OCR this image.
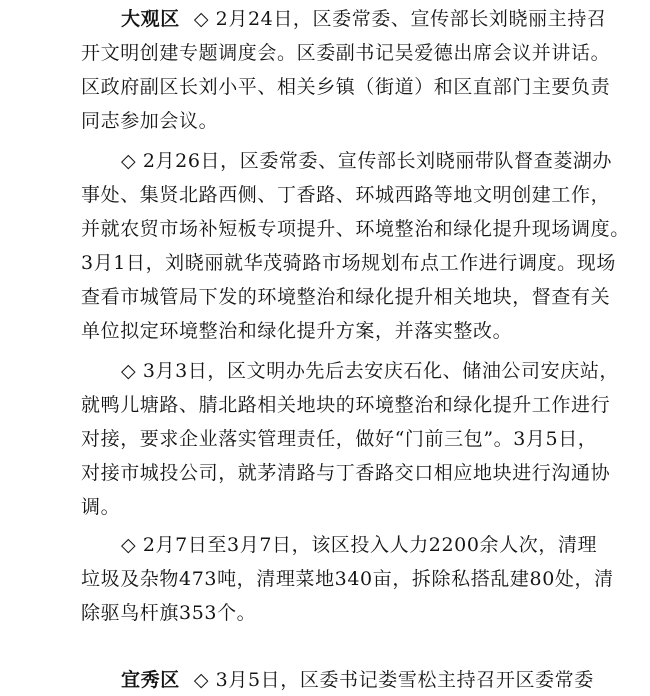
大观区 ◇ 2月24日，区委常委、宣传部长刘晓丽主持召

开文明创建专题调度会。区委副书记吴爱德出席会议并讲话。

区政府副区长刘小平、相关乡镇（街道）和区直部门主要负责

同志参加会议。

◇ 2月26日，区委常委、宣传部长刘晓丽带队督查菱湖办

事处、集贤北路西侧、丁香路、环城西路等地文明创建工作，

并就农贸市场补短板专项提升、环境整治和绿化提升现场调度。

3月1日，刘晓丽就华茂骑路市场规划布点工作进行调度。现场

查看市城管局下发的环境整治和绿化提升相关地块，督查有关

单位拟定环境整治和绿化提升方案，并落实整改。

◇ 3月3日，区文明办先后去安庆石化、储油公司安庆站，

就鸭儿塘路、腈北路相关地块的环境整治和绿化提升工作进行

对接，要求企业落实管理责任，做好“门前三包”。3月5日，

对接市城投公司，就茅清路与丁香路交口相应地块进行沟通协

调。

◇ 2月7日至3月7日，该区投入人力2200余人次，清理

垃圾及杂物473吨，清理菜地340亩，拆除私搭乱建80处，清

除驱鸟杆旗353个。

宜秀区 ◇ 3月5日，区委书记娄雪松主持召开区委常委
